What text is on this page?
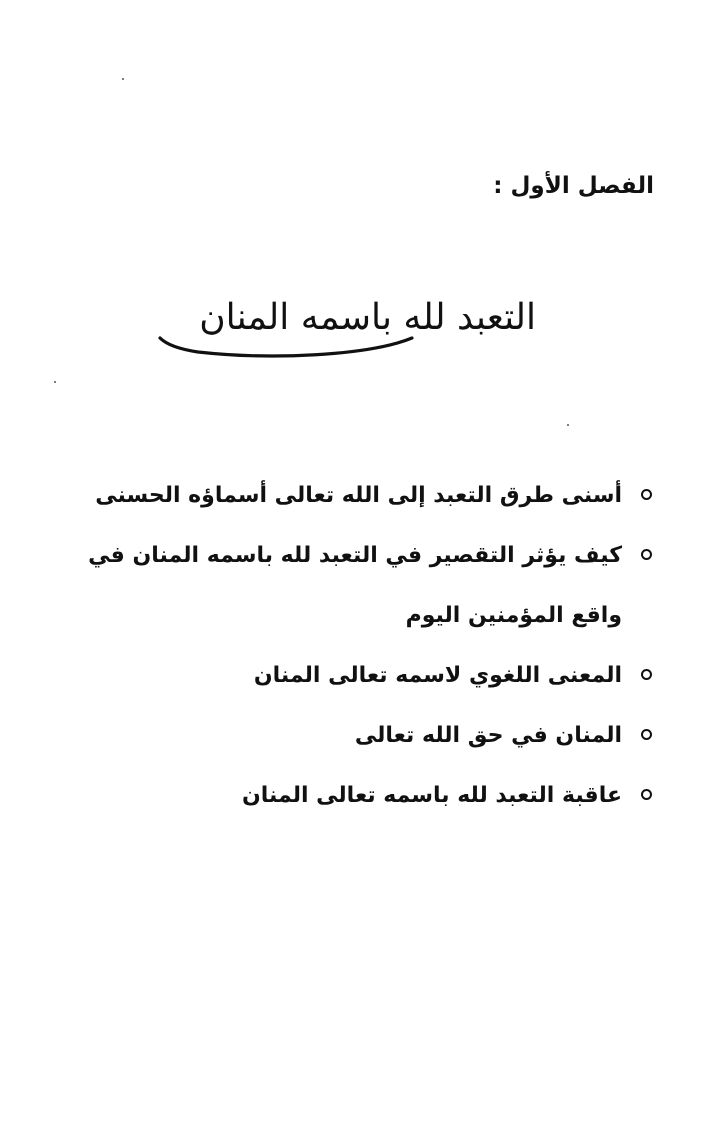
الفصل الأول :
التعبد لله باسمه المنان
أسنى طرق التعبد إلى الله تعالى أسماؤه الحسنى
كيف يؤثر التقصير في التعبد لله باسمه المنان في واقع المؤمنين اليوم
المعنى اللغوي لاسمه تعالى المنان
المنان في حق الله تعالى
عاقبة التعبد لله باسمه تعالى المنان
